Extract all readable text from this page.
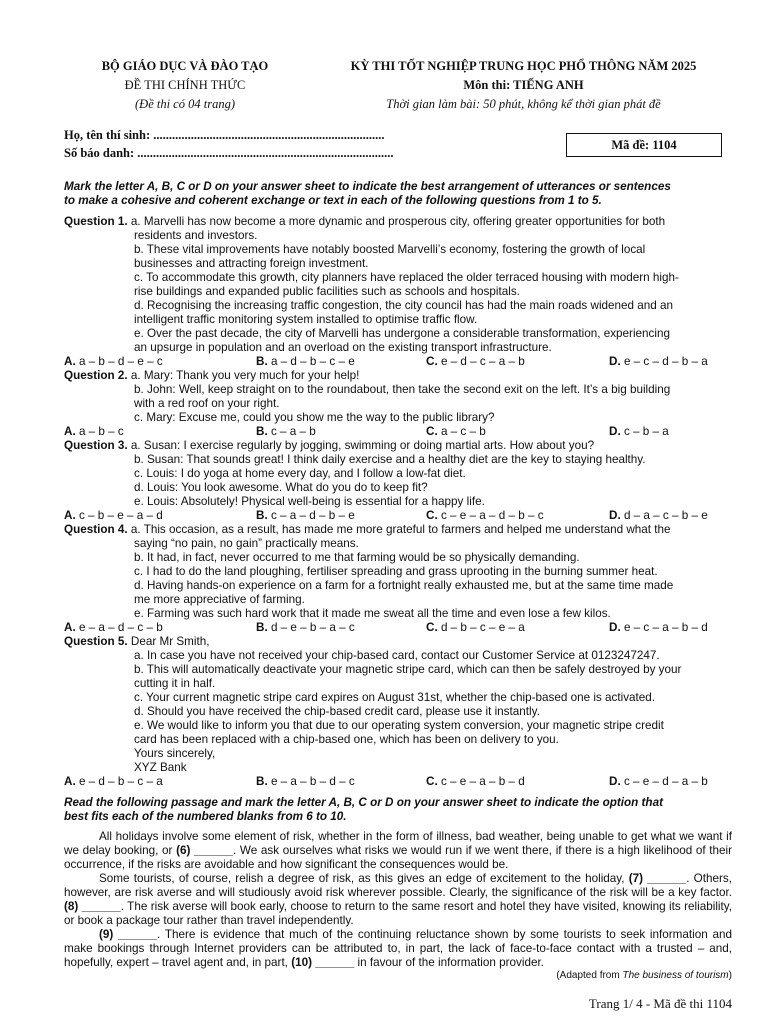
BỘ GIÁO DỤC VÀ ĐÀO TẠO
ĐỀ THI CHÍNH THỨC
(Đề thi có 04 trang)
KỲ THI TỐT NGHIỆP TRUNG HỌC PHỔ THÔNG NĂM 2025
Môn thi: TIẾNG ANH
Thời gian làm bài: 50 phút, không kể thời gian phát đề
Họ, tên thí sinh: ..........................................................................
Số báo danh: ..................................................................................
Mã đề: 1104
Mark the letter A, B, C or D on your answer sheet to indicate the best arrangement of utterances or sentences
to make a cohesive and coherent exchange or text in each of the following questions from 1 to 5.
Question 1. a. Marvelli has now become a more dynamic and prosperous city, offering greater opportunities for both
residents and investors.
b. These vital improvements have notably boosted Marvelli’s economy, fostering the growth of local
businesses and attracting foreign investment.
c. To accommodate this growth, city planners have replaced the older terraced housing with modern high-
rise buildings and expanded public facilities such as schools and hospitals.
d. Recognising the increasing traffic congestion, the city council has had the main roads widened and an
intelligent traffic monitoring system installed to optimise traffic flow.
e. Over the past decade, the city of Marvelli has undergone a considerable transformation, experiencing
an upsurge in population and an overload on the existing transport infrastructure.
A. a – b – d – e – c	B. a – d – b – c – e	C. e – d – c – a – b	D. e – c – d – b – a
Question 2. a. Mary: Thank you very much for your help!
b. John: Well, keep straight on to the roundabout, then take the second exit on the left. It’s a big building
with a red roof on your right.
c. Mary: Excuse me, could you show me the way to the public library?
A. a – b – c	B. c – a – b	C. a – c – b	D. c – b – a
Question 3. a. Susan: I exercise regularly by jogging, swimming or doing martial arts. How about you?
b. Susan: That sounds great! I think daily exercise and a healthy diet are the key to staying healthy.
c. Louis: I do yoga at home every day, and I follow a low-fat diet.
d. Louis: You look awesome. What do you do to keep fit?
e. Louis: Absolutely! Physical well-being is essential for a happy life.
A. c – b – e – a – d	B. c – a – d – b – e	C. c – e – a – d – b – c	D. d – a – c – b – e
Question 4. a. This occasion, as a result, has made me more grateful to farmers and helped me understand what the
saying “no pain, no gain” practically means.
b. It had, in fact, never occurred to me that farming would be so physically demanding.
c. I had to do the land ploughing, fertiliser spreading and grass uprooting in the burning summer heat.
d. Having hands-on experience on a farm for a fortnight really exhausted me, but at the same time made
me more appreciative of farming.
e. Farming was such hard work that it made me sweat all the time and even lose a few kilos.
A. e – a – d – c – b	B. d – e – b – a – c	C. d – b – c – e – a	D. e – c – a – b – d
Question 5. Dear Mr Smith,
a. In case you have not received your chip-based card, contact our Customer Service at 0123247247.
b. This will automatically deactivate your magnetic stripe card, which can then be safely destroyed by your
cutting it in half.
c. Your current magnetic stripe card expires on August 31st, whether the chip-based one is activated.
d. Should you have received the chip-based credit card, please use it instantly.
e. We would like to inform you that due to our operating system conversion, your magnetic stripe credit
card has been replaced with a chip-based one, which has been on delivery to you.
Yours sincerely,
XYZ Bank
A. e – d – b – c – a	B. e – a – b – d – c	C. c – e – a – b – d	D. c – e – d – a – b
Read the following passage and mark the letter A, B, C or D on your answer sheet to indicate the option that
best fits each of the numbered blanks from 6 to 10.

All holidays involve some element of risk, whether in the form of illness, bad weather, being unable to get what we want if we delay booking, or (6) ______. We ask ourselves what risks we would run if we went there, if there is a high likelihood of their occurrence, if the risks are avoidable and how significant the consequences would be.

Some tourists, of course, relish a degree of risk, as this gives an edge of excitement to the holiday, (7) ______. Others, however, are risk averse and will studiously avoid risk wherever possible. Clearly, the significance of the risk will be a key factor. (8) ______. The risk averse will book early, choose to return to the same resort and hotel they have visited, knowing its reliability, or book a package tour rather than travel independently.

(9) ______. There is evidence that much of the continuing reluctance shown by some tourists to seek information and make bookings through Internet providers can be attributed to, in part, the lack of face-to-face contact with a trusted – and, hopefully, expert – travel agent and, in part, (10) ______ in favour of the information provider.

(Adapted from The business of tourism)
Trang 1/ 4 - Mã đề thi 1104
